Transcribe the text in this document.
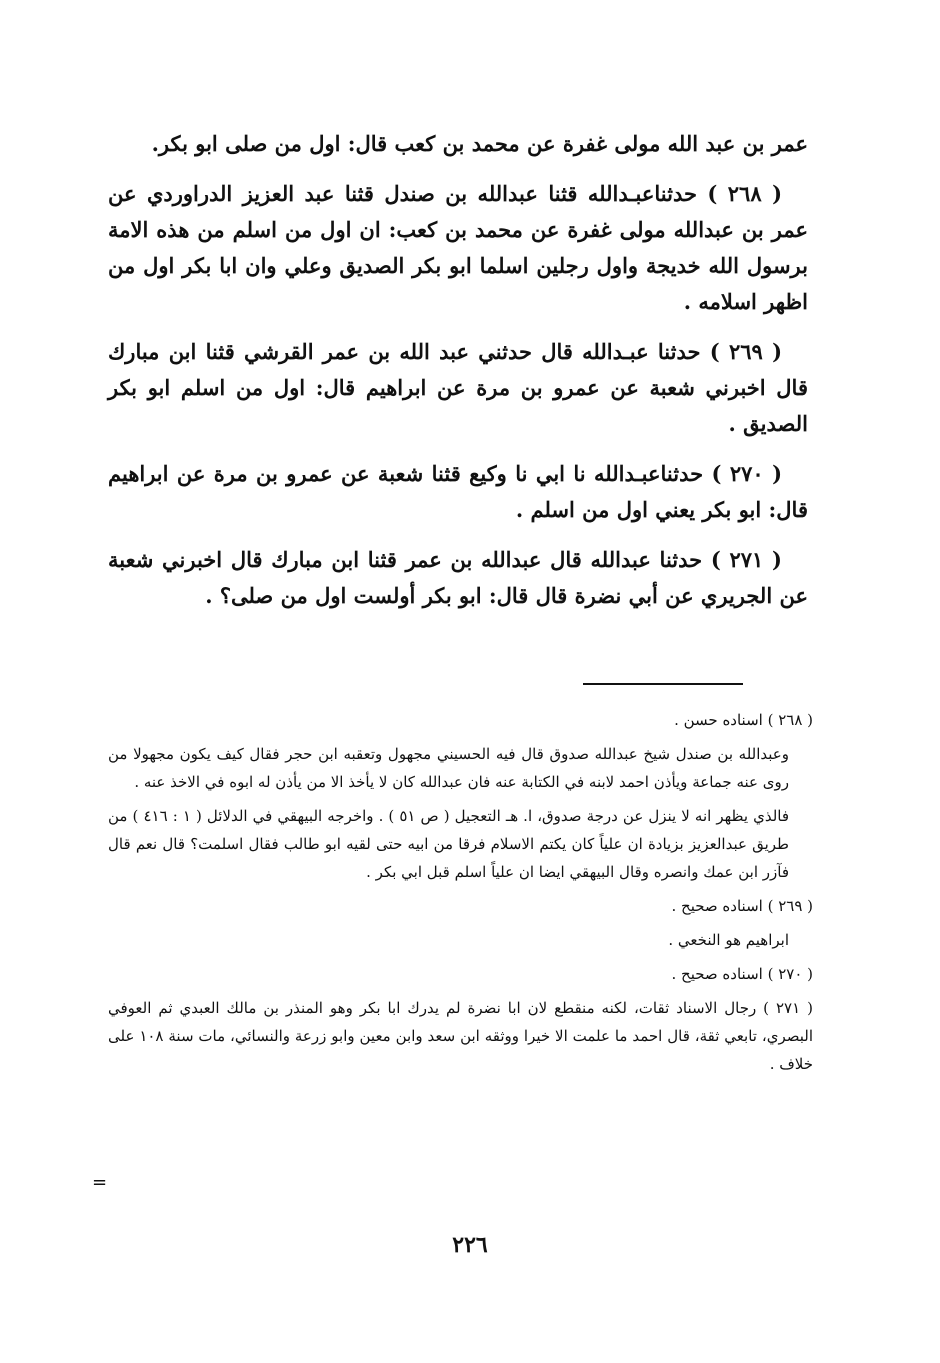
عمر بن عبد الله مولى غفرة عن محمد بن كعب قال: اول من صلى ابو بكر.

( ٢٦٨ ) حدثناعبـدالله قثنا عبدالله بن صندل قثنا عبد العزيز الدراوردي عن عمر بن عبدالله مولى غفرة عن محمد بن كعب: ان اول من اسلم من هذه الامة برسول الله خديجة واول رجلين اسلما ابو بكر الصديق وعلي وان ابا بكر اول من اظهر اسلامه .

( ٢٦٩ ) حدثنا عبـدالله قال حدثني عبد الله بن عمر القرشي قثنا ابن مبارك قال اخبرني شعبة عن عمرو بن مرة عن ابراهيم قال: اول من اسلم ابو بكر الصديق .

( ٢٧٠ ) حدثناعبـدالله نا ابي نا وكيع قثنا شعبة عن عمرو بن مرة عن ابراهيم قال: ابو بكر يعني اول من اسلم .

( ٢٧١ ) حدثنا عبدالله قال عبدالله بن عمر قثنا ابن مبارك قال اخبرني شعبة عن الجريري عن أبي نضرة قال قال: ابو بكر أولست اول من صلى؟ .

( ٢٦٨ ) اسناده حسن .

وعبدالله بن صندل شيخ عبدالله صدوق قال فيه الحسيني مجهول وتعقبه ابن حجر فقال كيف يكون مجهولا من روى عنه جماعة ويأذن احمد لابنه في الكتابة عنه فان عبدالله كان لا يأخذ الا من يأذن له ابوه في الاخذ عنه .

فالذي يظهر انه لا ينزل عن درجة صدوق، ا. هـ التعجيل ( ص ٥١ ) . واخرجه البيهقي في الدلائل ( ١ : ٤١٦ ) من طريق عبدالعزيز بزيادة ان علياً كان يكتم الاسلام فرقا من ابيه حتى لقيه ابو طالب فقال اسلمت؟ قال نعم قال فآزر ابن عمك وانصره وقال البيهقي ايضا ان علياً اسلم قبل ابي بكر .

( ٢٦٩ ) اسناده صحيح .

ابراهيم هو النخعي .

( ٢٧٠ ) اسناده صحيح .

( ٢٧١ ) رجال الاسناد ثقات، لكنه منقطع لان ابا نضرة لم يدرك ابا بكر وهو المنذر بن مالك العبدي ثم العوفي البصري، تابعي ثقة، قال احمد ما علمت الا خيرا ووثقه ابن سعد وابن معين وابو زرعة والنسائي، مات سنة ١٠٨ على خلاف .

=
٢٢٦
